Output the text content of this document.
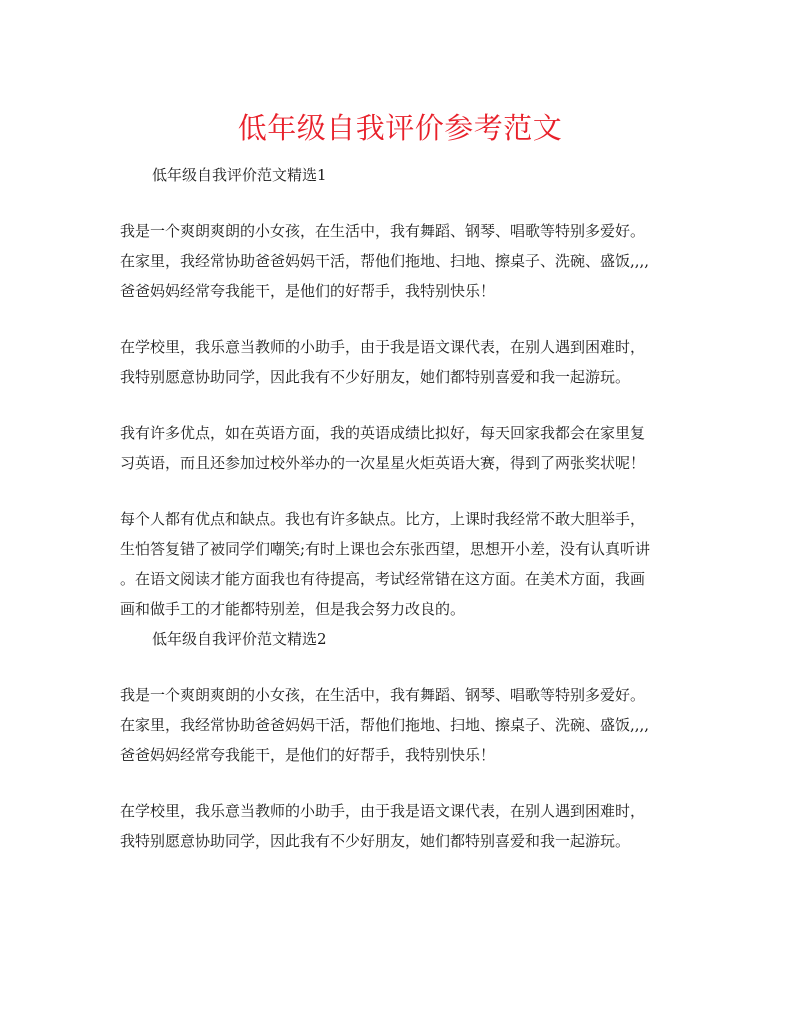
低年级自我评价参考范文
低年级自我评价范文精选1
我是一个爽朗爽朗的小女孩，在生活中，我有舞蹈、钢琴、唱歌等特别多爱好。
在家里，我经常协助爸爸妈妈干活，帮他们拖地、扫地、擦桌子、洗碗、盛饭,,,,
爸爸妈妈经常夸我能干，是他们的好帮手，我特别快乐！
在学校里，我乐意当教师的小助手，由于我是语文课代表，在别人遇到困难时，
我特别愿意协助同学，因此我有不少好朋友，她们都特别喜爱和我一起游玩。
我有许多优点，如在英语方面，我的英语成绩比拟好，每天回家我都会在家里复
习英语，而且还参加过校外举办的一次星星火炬英语大赛，得到了两张奖状呢！
每个人都有优点和缺点。我也有许多缺点。比方，上课时我经常不敢大胆举手，
生怕答复错了被同学们嘲笑;有时上课也会东张西望，思想开小差，没有认真听讲
。在语文阅读才能方面我也有待提高，考试经常错在这方面。在美术方面，我画
画和做手工的才能都特别差，但是我会努力改良的。
低年级自我评价范文精选2
我是一个爽朗爽朗的小女孩，在生活中，我有舞蹈、钢琴、唱歌等特别多爱好。
在家里，我经常协助爸爸妈妈干活，帮他们拖地、扫地、擦桌子、洗碗、盛饭,,,,
爸爸妈妈经常夸我能干，是他们的好帮手，我特别快乐！
在学校里，我乐意当教师的小助手，由于我是语文课代表，在别人遇到困难时，
我特别愿意协助同学，因此我有不少好朋友，她们都特别喜爱和我一起游玩。
